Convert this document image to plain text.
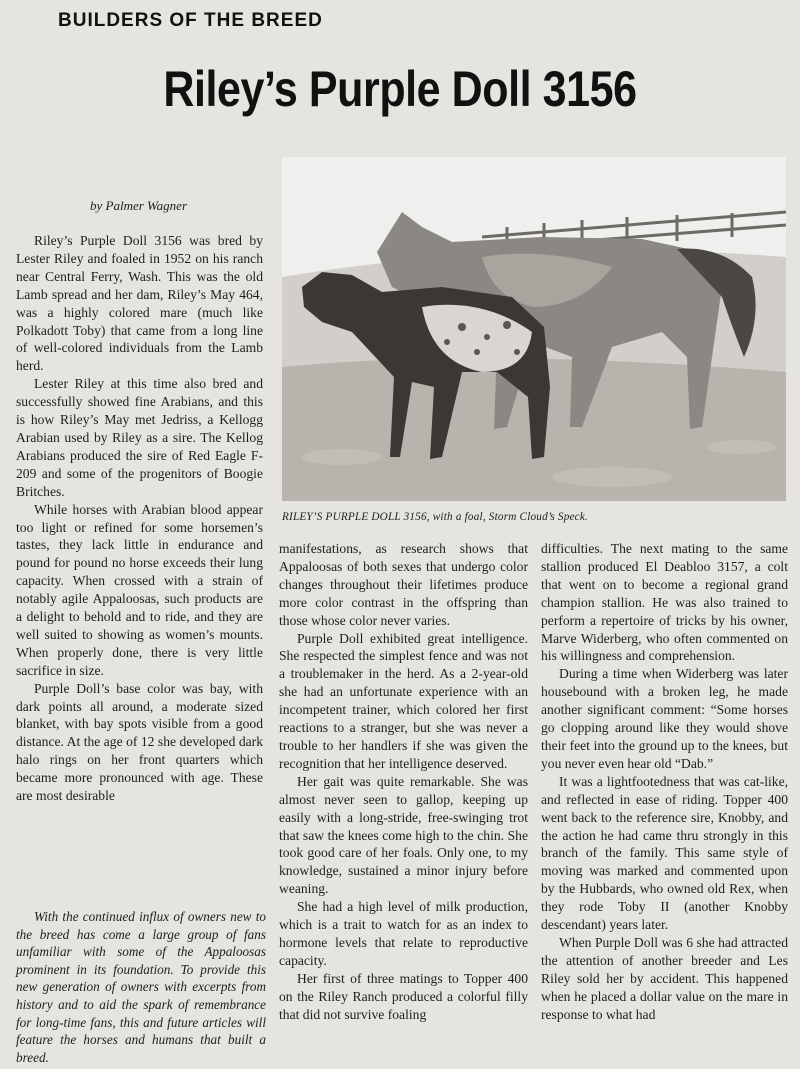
BUILDERS OF THE BREED
Riley’s Purple Doll 3156
by Palmer Wagner

Riley’s Purple Doll 3156 was bred by Lester Riley and foaled in 1952 on his ranch near Central Ferry, Wash. This was the old Lamb spread and her dam, Riley’s May 464, was a highly colored mare (much like Polkadott Toby) that came from a long line of well-colored individuals from the Lamb herd.

Lester Riley at this time also bred and successfully showed fine Arabians, and this is how Riley’s May met Jedriss, a Kellogg Arabian used by Riley as a sire. The Kellog Arabians produced the sire of Red Eagle F-209 and some of the progenitors of Boogie Britches.

While horses with Arabian blood appear too light or refined for some horsemen’s tastes, they lack little in endurance and pound for pound no horse exceeds their lung capacity. When crossed with a strain of notably agile Appaloosas, such products are a delight to behold and to ride, and they are well suited to showing as women’s mounts. When properly done, there is very little sacrifice in size.

Purple Doll’s base color was bay, with dark points all around, a moderate sized blanket, with bay spots visible from a good distance. At the age of 12 she developed dark halo rings on her front quarters which became more pronounced with age. These are most desirable

RILEY’S PURPLE DOLL 3156, with a foal, Storm Cloud’s Speck.

manifestations, as research shows that Appaloosas of both sexes that undergo color changes throughout their lifetimes produce more color contrast in the offspring than those whose color never varies.

Purple Doll exhibited great intelligence. She respected the simplest fence and was not a troublemaker in the herd. As a 2-year-old she had an unfortunate experience with an incompetent trainer, which colored her first reactions to a stranger, but she was never a trouble to her handlers if she was given the recognition that her intelligence deserved.

Her gait was quite remarkable. She was almost never seen to gallop, keeping up easily with a long-stride, free-swinging trot that saw the knees come high to the chin. She took good care of her foals. Only one, to my knowledge, sustained a minor injury before weaning.

She had a high level of milk production, which is a trait to watch for as an index to hormone levels that relate to reproductive capacity.

Her first of three matings to Topper 400 on the Riley Ranch produced a colorful filly that did not survive foaling

difficulties. The next mating to the same stallion produced El Deabloo 3157, a colt that went on to become a regional grand champion stallion. He was also trained to perform a repertoire of tricks by his owner, Marve Widerberg, who often commented on his willingness and comprehension.

During a time when Widerberg was later housebound with a broken leg, he made another significant comment: “Some horses go clopping around like they would shove their feet into the ground up to the knees, but you never even hear old “Dab.”

It was a lightfootedness that was cat-like, and reflected in ease of riding. Topper 400 went back to the reference sire, Knobby, and the action he had came thru strongly in this branch of the family. This same style of moving was marked and commented upon by the Hubbards, who owned old Rex, when they rode Toby II (another Knobby descendant) years later.

When Purple Doll was 6 she had attracted the attention of another breeder and Les Riley sold her by accident. This happened when he placed a dollar value on the mare in response to what had

With the continued influx of owners new to the breed has come a large group of fans unfamiliar with some of the Appaloosas prominent in its foundation. To provide this new generation of owners with excerpts from history and to aid the spark of remembrance for long-time fans, this and future articles will feature the horses and humans that built a breed.
